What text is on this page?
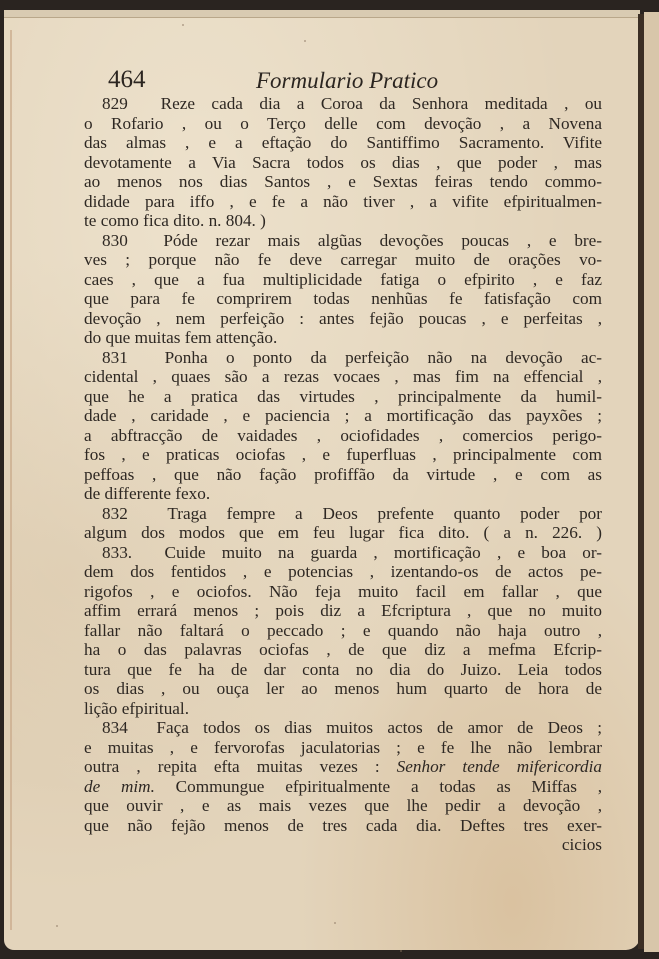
464	Formulario Pratico
829 Reze cada dia a Coroa da Senhora meditada , ou
o Rofario , ou o Terço delle com devoção , a Novena
das almas , e a eftação do Santiffimo Sacramento. Vifite
devotamente a Via Sacra todos os dias , que poder , mas
ao menos nos dias Santos , e Sextas feiras tendo commo-
didade para iffo , e fe a não tiver , a vifite efpiritualmen-
te como fica dito. n. 804. )
830 Póde rezar mais algũas devoções poucas , e bre-
ves ; porque não fe deve carregar muito de orações vo-
caes , que a fua multiplicidade fatiga o efpirito , e faz
que para fe comprirem todas nenhũas fe fatisfação com
devoção , nem perfeição : antes fejão poucas , e perfeitas ,
do que muitas fem attenção.
831 Ponha o ponto da perfeição não na devoção ac-
cidental , quaes são a rezas vocaes , mas fim na effencial ,
que he a pratica das virtudes , principalmente da humil-
dade , caridade , e paciencia ; a mortificação das payxões ;
a abftracção de vaidades , ociofidades , comercios perigo-
fos , e praticas ociofas , e fuperfluas , principalmente com
peffoas , que não fação profiffão da virtude , e com as
de differente fexo.
832 Traga fempre a Deos prefente quanto poder por
algum dos modos que em feu lugar fica dito. ( a n. 226. )
833. Cuide muito na guarda , mortificação , e boa or-
dem dos fentidos , e potencias , izentando-os de actos pe-
rigofos , e ociofos. Não feja muito facil em fallar , que
affim errará menos ; pois diz a Efcriptura , que no muito
fallar não faltará o peccado ; e quando não haja outro ,
ha o das palavras ociofas , de que diz a mefma Efcrip-
tura que fe ha de dar conta no dia do Juizo. Leia todos
os dias , ou ouça ler ao menos hum quarto de hora de
lição efpiritual.
834 Faça todos os dias muitos actos de amor de Deos ;
e muitas , e fervorofas jaculatorias ; e fe lhe não lembrar
outra , repita efta muitas vezes : Senhor tende mifericordia
de mim. Commungue efpiritualmente a todas as Miffas ,
que ouvir , e as mais vezes que lhe pedir a devoção ,
que não fejão menos de tres cada dia. Deftes tres exer-
cicios
